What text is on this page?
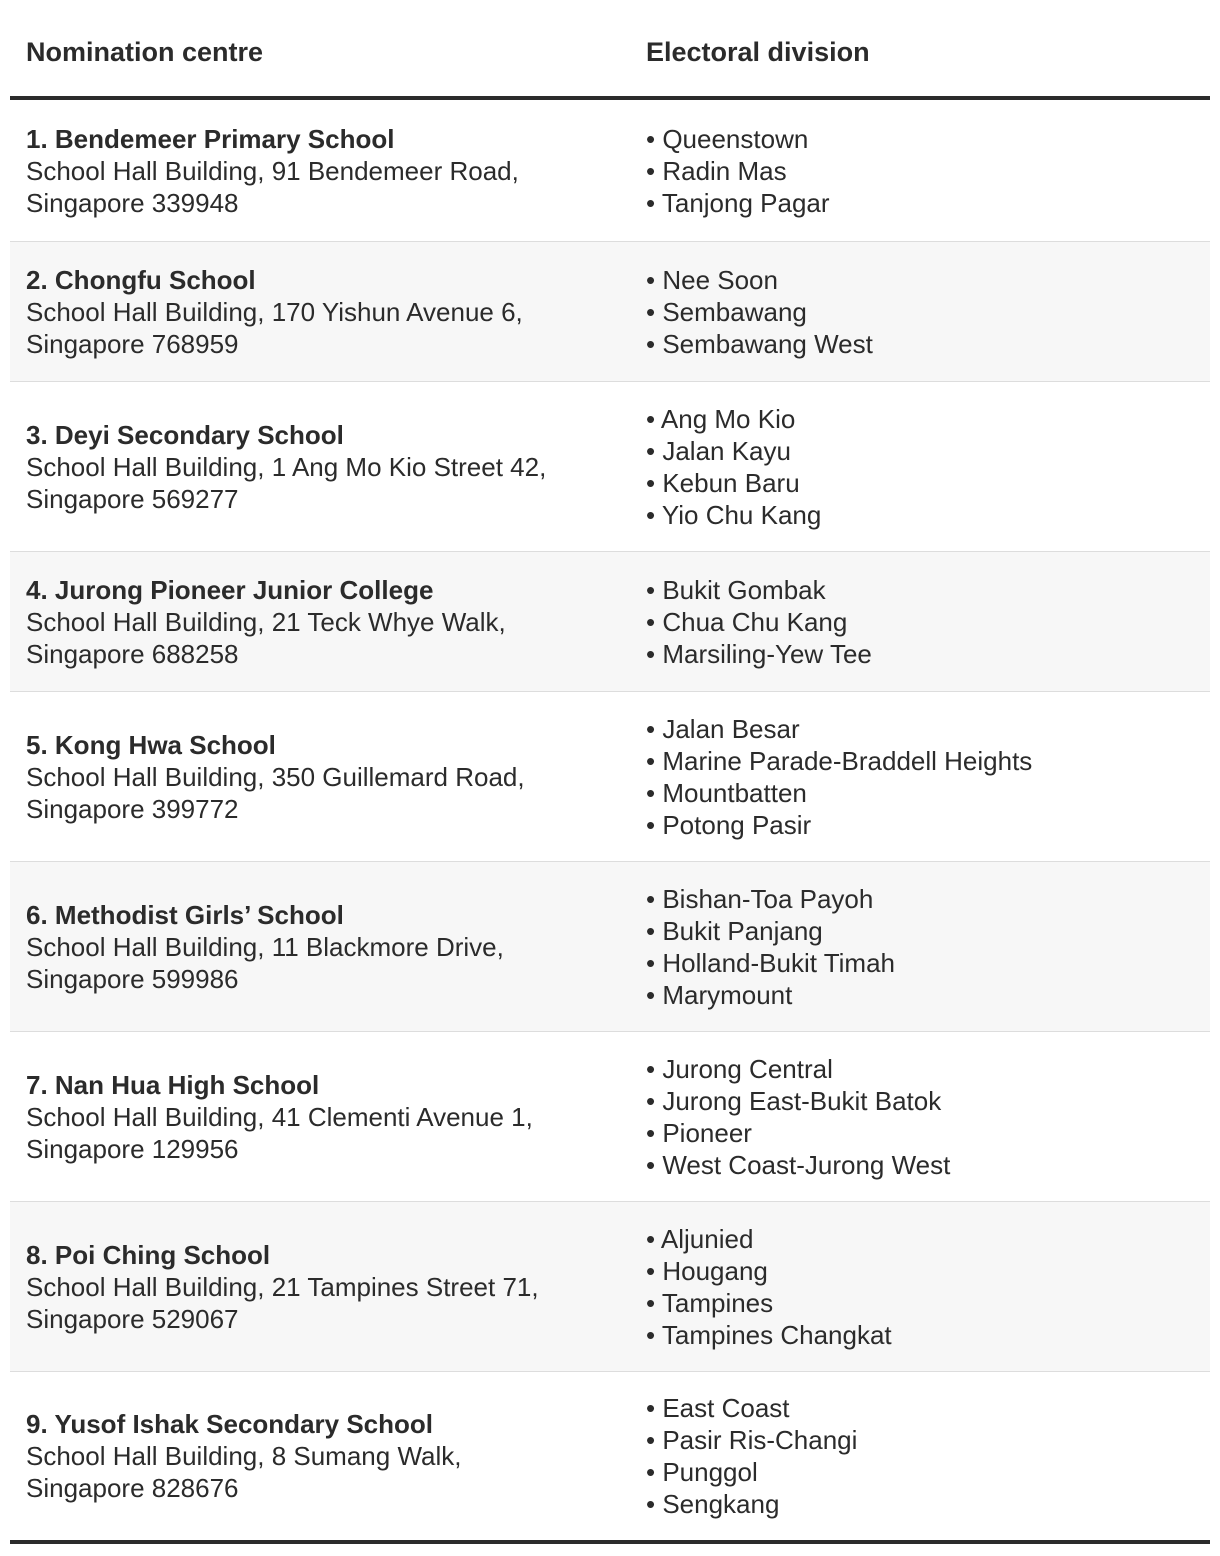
Nomination centre	Electoral division
1. Bendemeer Primary School
School Hall Building, 91 Bendemeer Road,
Singapore 339948
• Queenstown
• Radin Mas
• Tanjong Pagar
2. Chongfu School
School Hall Building, 170 Yishun Avenue 6,
Singapore 768959
• Nee Soon
• Sembawang
• Sembawang West
3. Deyi Secondary School
School Hall Building, 1 Ang Mo Kio Street 42,
Singapore 569277
• Ang Mo Kio
• Jalan Kayu
• Kebun Baru
• Yio Chu Kang
4. Jurong Pioneer Junior College
School Hall Building, 21 Teck Whye Walk,
Singapore 688258
• Bukit Gombak
• Chua Chu Kang
• Marsiling-Yew Tee
5. Kong Hwa School
School Hall Building, 350 Guillemard Road,
Singapore 399772
• Jalan Besar
• Marine Parade-Braddell Heights
• Mountbatten
• Potong Pasir
6. Methodist Girls’ School
School Hall Building, 11 Blackmore Drive,
Singapore 599986
• Bishan-Toa Payoh
• Bukit Panjang
• Holland-Bukit Timah
• Marymount
7. Nan Hua High School
School Hall Building, 41 Clementi Avenue 1,
Singapore 129956
• Jurong Central
• Jurong East-Bukit Batok
• Pioneer
• West Coast-Jurong West
8. Poi Ching School
School Hall Building, 21 Tampines Street 71,
Singapore 529067
• Aljunied
• Hougang
• Tampines
• Tampines Changkat
9. Yusof Ishak Secondary School
School Hall Building, 8 Sumang Walk,
Singapore 828676
• East Coast
• Pasir Ris-Changi
• Punggol
• Sengkang
